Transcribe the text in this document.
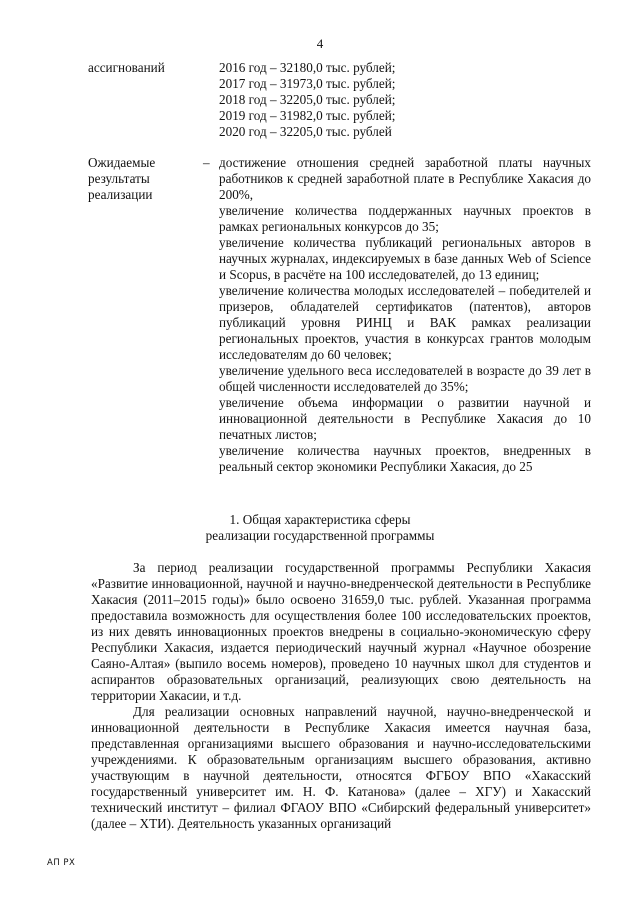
4
ассигнований	2016 год – 32180,0 тыс. рублей;
2017 год – 31973,0 тыс. рублей;
2018 год – 32205,0 тыс. рублей;
2019 год – 31982,0 тыс. рублей;
2020 год – 32205,0 тыс. рублей
Ожидаемые
результаты
реализации
– достижение отношения средней заработной платы научных работников к средней заработной плате в Республике Хакасия до 200%,

увеличение количества поддержанных научных проектов в рамках региональных конкурсов до 35;

увеличение количества публикаций региональных авторов в научных журналах, индексируемых в базе данных Web of Science и Scopus, в расчёте на 100 исследователей, до 13 единиц;

увеличение количества молодых исследователей – победителей и призеров, обладателей сертификатов (патентов), авторов публикаций уровня РИНЦ и ВАК рамках реализации региональных проектов, участия в конкурсах грантов молодым исследователям до 60 человек;

увеличение удельного веса исследователей в возрасте до 39 лет в общей численности исследователей до 35%;

увеличение объема информации о развитии научной и инновационной деятельности в Республике Хакасия до 10 печатных листов;

увеличение количества научных проектов, внедренных в реальный сектор экономики Республики Хакасия, до 25

1. Общая характеристика сферы
реализации государственной программы

За период реализации государственной программы Республики Хакасия «Развитие инновационной, научной и научно-внедренческой деятельности в Республике Хакасия (2011–2015 годы)» было освоено 31659,0 тыс. рублей. Указанная программа предоставила возможность для осуществления более 100 исследовательских проектов, из них девять инновационных проектов внедрены в социально-экономическую сферу Республики Хакасия, издается периодический научный журнал «Научное обозрение Саяно-Алтая» (выпило восемь номеров), проведено 10 научных школ для студентов и аспирантов образовательных организаций, реализующих свою деятельность на территории Хакасии, и т.д.

Для реализации основных направлений научной, научно-внедренческой и инновационной деятельности в Республике Хакасия имеется научная база, представленная организациями высшего образования и научно-исследовательскими учреждениями. К образовательным организациям высшего образования, активно участвующим в научной деятельности, относятся ФГБОУ ВПО «Хакасский государственный университет им. Н. Ф. Катанова» (далее – ХГУ) и Хакасский технический институт – филиал ФГАОУ ВПО «Сибирский федеральный университет» (далее – ХТИ). Деятельность указанных организаций

АП РХ
